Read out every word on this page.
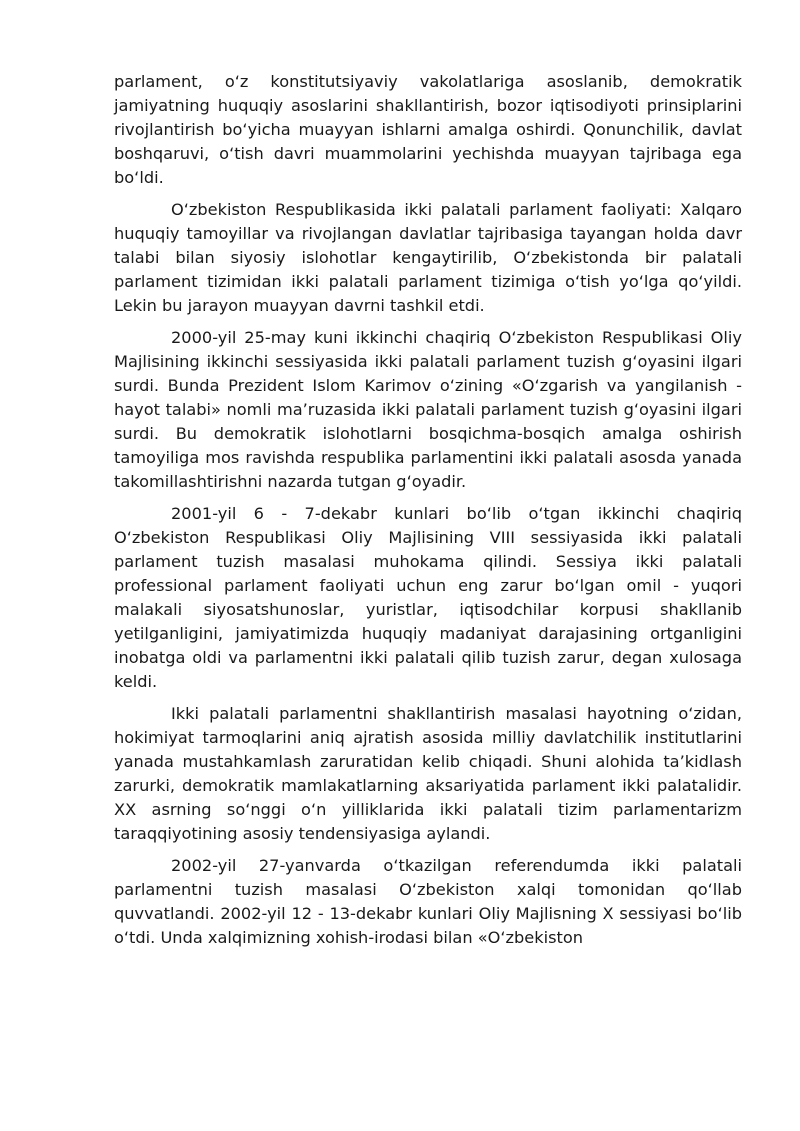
parlament, o‘z konstitutsiyaviy vakolatlariga asoslanib, demokratik jamiyatning huquqiy asoslarini shakllantirish, bozor iqtisodiyoti prinsiplarini rivojlantirish bo‘yicha muayyan ishlarni amalga oshirdi. Qonunchilik, davlat boshqaruvi, o‘tish davri muammolarini yechishda muayyan tajribaga ega bo‘ldi.

O‘zbekiston Respublikasida ikki palatali parlament faoliyati: Xalqaro huquqiy tamoyillar va rivojlangan davlatlar tajribasiga tayangan holda davr talabi bilan siyosiy islohotlar kengaytirilib, O‘zbekistonda bir palatali parlament tizimidan ikki palatali parlament tizimiga o‘tish yo‘lga qo‘yildi. Lekin bu jarayon muayyan davrni tashkil etdi.

2000-yil 25-may kuni ikkinchi chaqiriq O‘zbekiston Respublikasi Oliy Majlisining ikkinchi sessiyasida ikki palatali parlament tuzish g‘oyasini ilgari surdi. Bunda Prezident Islom Karimov o‘zining «O‘zgarish va yangilanish - hayot talabi» nomli ma’ruzasida ikki palatali parlament tuzish g‘oyasini ilgari surdi. Bu demokratik islohotlarni bosqichma-bosqich amalga oshirish tamoyiliga mos ravishda respublika parlamentini ikki palatali asosda yanada takomillashtirishni nazarda tutgan g‘oyadir.

2001-yil 6 - 7-dekabr kunlari bo‘lib o‘tgan ikkinchi chaqiriq O‘zbekiston Respublikasi Oliy Majlisining VIII sessiyasida ikki palatali parlament tuzish masalasi muhokama qilindi. Sessiya ikki palatali professional parlament faoliyati uchun eng zarur bo‘lgan omil - yuqori malakali siyosatshunoslar, yuristlar, iqtisodchilar korpusi shakllanib yetilganligini, jamiyatimizda huquqiy madaniyat darajasining ortganligini inobatga oldi va parlamentni ikki palatali qilib tuzish zarur, degan xulosaga keldi.

Ikki palatali parlamentni shakllantirish masalasi hayotning o‘zidan, hokimiyat tarmoqlarini aniq ajratish asosida milliy davlatchilik institutlarini yanada mustahkamlash zaruratidan kelib chiqadi. Shuni alohida ta’kidlash zarurki, demokratik mamlakatlarning aksariyatida parlament ikki palatalidir. XX asrning so‘nggi o‘n yilliklarida ikki palatali tizim parlamentarizm taraqqiyotining asosiy tendensiyasiga aylandi.

2002-yil 27-yanvarda o‘tkazilgan referendumda ikki palatali parlamentni tuzish masalasi O‘zbekiston xalqi tomonidan qo‘llab quvvatlandi. 2002-yil 12 - 13-dekabr kunlari Oliy Majlisning X sessiyasi bo‘lib o‘tdi. Unda xalqimizning xohish-irodasi bilan «O‘zbekiston
